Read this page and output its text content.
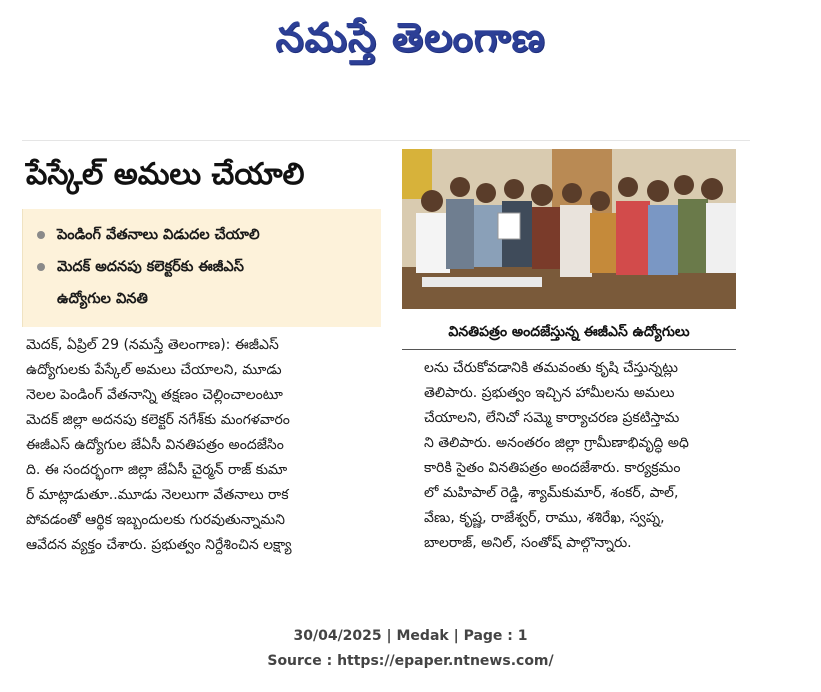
నమస్తే తెలంగాణ
పేస్కేల్ అమలు చేయాలి
పెండింగ్ వేతనాలు విడుదల చేయాలి
మెదక్ అదనపు కలెక్టర్‌కు ఈజీఎస్
ఉద్యోగుల వినతి
మెదక్, ఏప్రిల్ 29 (నమస్తే తెలంగాణ): ఈజీఎస్
ఉద్యోగులకు పేస్కేల్ అమలు చేయాలని, మూడు
నెలల పెండింగ్ వేతనాన్ని తక్షణం చెల్లించాలంటూ
మెదక్ జిల్లా అదనపు కలెక్టర్ నగేశ్‌కు మంగళవారం
ఈజీఎస్ ఉద్యోగుల జేఏసీ వినతిపత్రం అందజేసిం
ది. ఈ సందర్భంగా జిల్లా జేఏసీ చైర్మన్ రాజ్ కుమా
ర్ మాట్లాడుతూ..మూడు నెలలుగా వేతనాలు రాక
పోవడంతో ఆర్థిక ఇబ్బందులకు గురవుతున్నామని
ఆవేదన వ్యక్తం చేశారు. ప్రభుత్వం నిర్దేశించిన లక్ష్యా
వినతిపత్రం అందజేస్తున్న ఈజీఎస్ ఉద్యోగులు
లను చేరుకోవడానికి తమవంతు కృషి చేస్తున్నట్లు
తెలిపారు. ప్రభుత్వం ఇచ్చిన హామీలను అమలు
చేయాలని, లేనిచో సమ్మె కార్యాచరణ ప్రకటిస్తామ
ని తెలిపారు. అనంతరం జిల్లా గ్రామీణాభివృద్ధి అధి
కారికి సైతం వినతిపత్రం అందజేశారు. కార్యక్రమం
లో మహిపాల్ రెడ్డి, శ్యామ్‌కుమార్, శంకర్, పాల్,
వేణు, కృష్ణ, రాజేశ్వర్, రాము, శశిరేఖ, స్వప్న,
బాలరాజ్, అనిల్, సంతోష్ పాల్గొన్నారు.
30/04/2025 | Medak | Page : 1
Source : https://epaper.ntnews.com/
